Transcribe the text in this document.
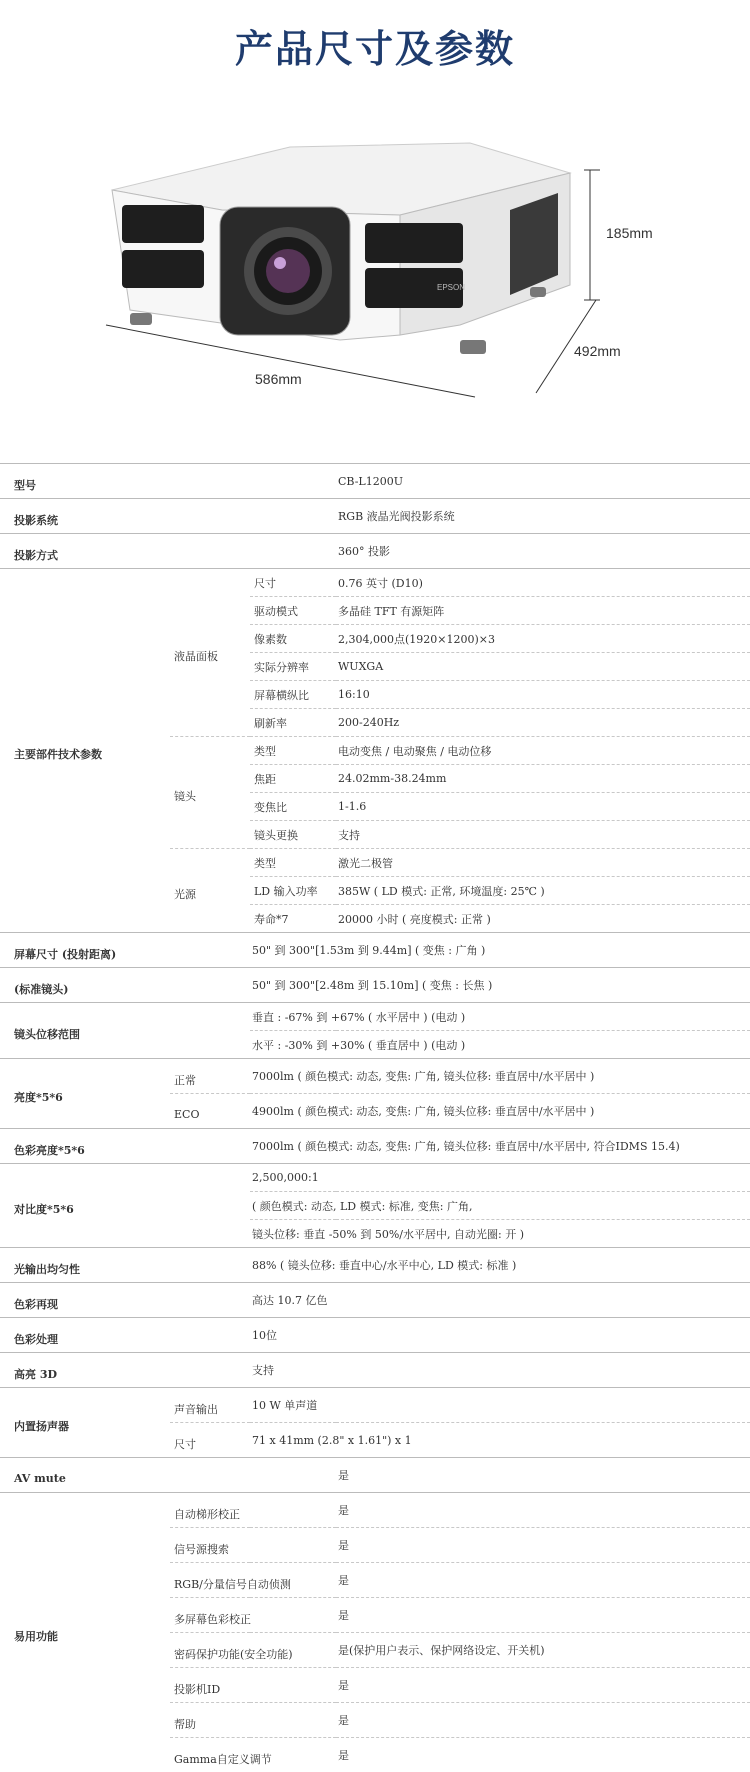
产品尺寸及参数
EPSON
185mm
492mm
586mm
型号			CB-L1200U
投影系统			RGB 液晶光阀投影系统
投影方式			360° 投影
主要部件技术参数	液晶面板	尺寸	0.76 英寸 (D10)
		驱动模式	多晶硅 TFT 有源矩阵
		像素数	2,304,000点(1920×1200)×3
		实际分辨率	WUXGA
		屏幕横纵比	16:10
		刷新率	200-240Hz
	镜头	类型	电动变焦 / 电动聚焦 / 电动位移
		焦距	24.02mm-38.24mm
		变焦比	1-1.6
		镜头更换	支持
	光源	类型	激光二极管
		LD 输入功率	385W ( LD 模式: 正常, 环境温度: 25℃ )
		寿命*7	20000 小时 ( 亮度模式: 正常 )
屏幕尺寸 (投射距离)		50" 到 300"[1.53m 到 9.44m] ( 变焦 : 广角 )	
(标准镜头)		50" 到 300"[2.48m 到 15.10m] ( 变焦 : 长焦 )	
镜头位移范围		垂直 : -67% 到 +67% ( 水平居中 ) (电动 )	
		水平 : -30% 到 +30% ( 垂直居中 ) (电动 )	
亮度*5*6	正常	7000lm ( 颜色模式: 动态, 变焦: 广角, 镜头位移: 垂直居中/水平居中 )	
	ECO	4900lm ( 颜色模式: 动态, 变焦: 广角, 镜头位移: 垂直居中/水平居中 )	
色彩亮度*5*6		7000lm ( 颜色模式: 动态, 变焦: 广角, 镜头位移: 垂直居中/水平居中, 符合IDMS 15.4)	
对比度*5*6		2,500,000:1	
		( 颜色模式: 动态, LD 模式: 标准, 变焦: 广角,	
		镜头位移: 垂直 -50% 到 50%/水平居中, 自动光圈: 开 )	
光输出均匀性		88% ( 镜头位移: 垂直中心/水平中心, LD 模式: 标准 )	
色彩再现		高达 10.7 亿色	
色彩处理		10位	
高亮 3D		支持	
内置扬声器	声音输出	10 W 单声道	
	尺寸	71 x 41mm (2.8" x 1.61") x 1	
AV mute			是
易用功能	自动梯形校正		是
	信号源搜索		是
	RGB/分量信号自动侦测		是
	多屏幕色彩校正		是
	密码保护功能(安全功能)		是(保护用户表示、保护网络设定、开关机)
	投影机ID		是
	帮助		是
	Gamma自定义调节		是
